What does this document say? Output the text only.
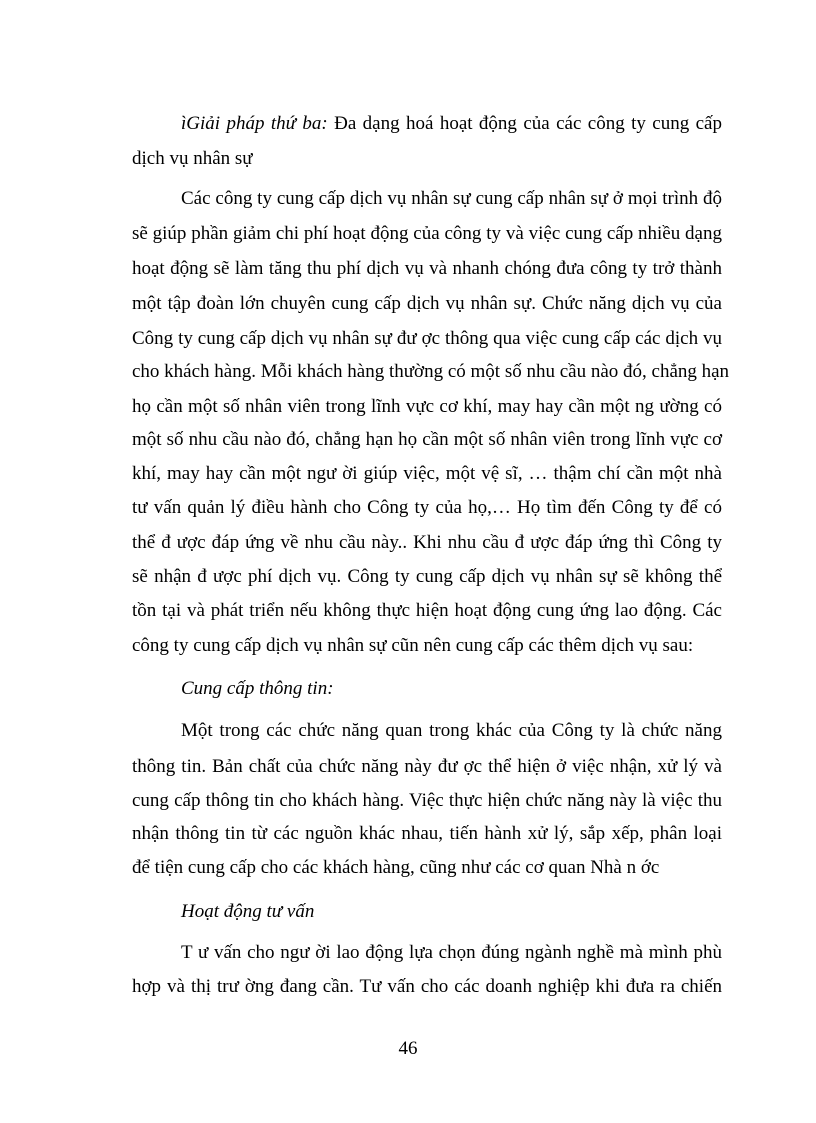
ìGiải pháp thứ ba: Đa dạng hoá hoạt động của các công ty cung cấp
dịch vụ nhân sự
Các công ty cung cấp dịch vụ nhân sự cung cấp nhân sự ở mọi trình độ
sẽ giúp phần giảm chi phí hoạt động của công ty và việc cung cấp nhiều dạng
hoạt động sẽ làm tăng thu phí dịch vụ và nhanh chóng đưa công ty trở thành
một tập đoàn lớn chuyên cung cấp dịch vụ nhân sự. Chức năng dịch vụ của
Công ty cung cấp dịch vụ nhân sự đư ợc thông qua việc cung cấp các dịch vụ
cho khách hàng. Mỗi khách hàng thường có một số nhu cầu nào đó, chẳng hạn
họ cần một số nhân viên trong lĩnh vực cơ khí, may hay cần một ng ường có
một số nhu cầu nào đó, chẳng hạn họ cần một số nhân viên trong lĩnh vực cơ
khí, may hay cần một ngư ời giúp việc, một vệ sĩ, … thậm chí cần một nhà
tư vấn quản lý điều hành cho Công ty của họ,… Họ tìm đến Công ty để có
thể đ ược đáp ứng về nhu cầu này.. Khi nhu cầu đ ược đáp ứng thì Công ty
sẽ nhận đ ược phí dịch vụ. Công ty cung cấp dịch vụ nhân sự sẽ không thể
tồn tại và phát triển nếu không thực hiện hoạt động cung ứng lao động. Các
công ty cung cấp dịch vụ nhân sự cũn nên cung cấp các thêm dịch vụ sau:
Cung cấp thông tin:
Một trong các chức năng quan trong khác của Công ty là chức năng
thông tin. Bản chất của chức năng này đư ợc thể hiện ở việc nhận, xử lý và
cung cấp thông tin cho khách hàng. Việc thực hiện chức năng này là việc thu
nhận thông tin từ các nguồn khác nhau, tiến hành xử lý, sắp xếp, phân loại
để tiện cung cấp cho các khách hàng, cũng như các cơ quan Nhà n ớc
Hoạt động tư vấn
T ư vấn cho ngư ời lao động lựa chọn đúng ngành nghề mà mình phù
hợp và thị trư ờng đang cần. Tư vấn cho các doanh nghiệp khi đưa ra chiến
46
